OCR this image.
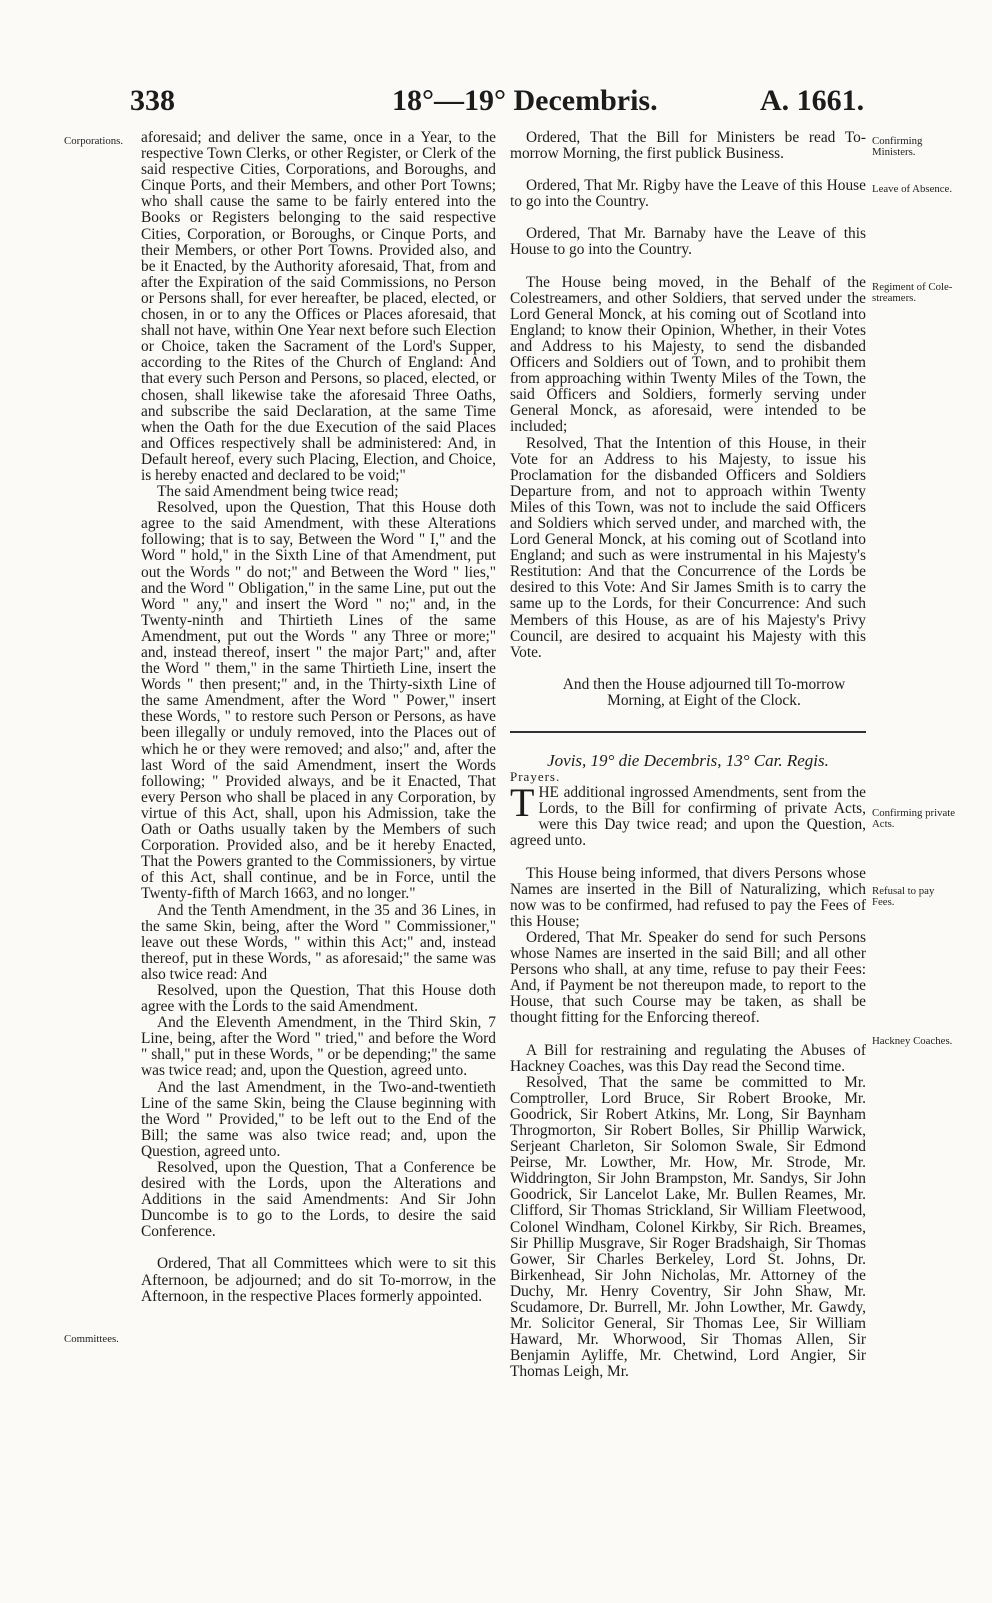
338	18°—19° Decembris.	A. 1661.
Corporations.
Committees.
Confirming Ministers.
Leave of Absence.
Regiment of Cole-streamers.
Confirming private Acts.
Refusal to pay Fees.
Hackney Coaches.

aforesaid; and deliver the same, once in a Year, to the respective Town Clerks, or other Register, or Clerk of the said respective Cities, Corporations, and Boroughs, and Cinque Ports, and their Members, and other Port Towns; who shall cause the same to be fairly entered into the Books or Registers belonging to the said respective Cities, Corporation, or Boroughs, or Cinque Ports, and their Members, or other Port Towns. Provided also, and be it Enacted, by the Authority aforesaid, That, from and after the Expiration of the said Commissions, no Person or Persons shall, for ever hereafter, be placed, elected, or chosen, in or to any the Offices or Places aforesaid, that shall not have, within One Year next before such Election or Choice, taken the Sacrament of the Lord's Supper, according to the Rites of the Church of England: And that every such Person and Persons, so placed, elected, or chosen, shall likewise take the aforesaid Three Oaths, and subscribe the said Declaration, at the same Time when the Oath for the due Execution of the said Places and Offices respectively shall be administered: And, in Default hereof, every such Placing, Election, and Choice, is hereby enacted and declared to be void;"

The said Amendment being twice read;

Resolved, upon the Question, That this House doth agree to the said Amendment, with these Alterations following; that is to say, Between the Word " I," and the Word " hold," in the Sixth Line of that Amendment, put out the Words " do not;" and Between the Word " lies," and the Word " Obligation," in the same Line, put out the Word " any," and insert the Word " no;" and, in the Twenty-ninth and Thirtieth Lines of the same Amendment, put out the Words " any Three or more;" and, instead thereof, insert " the major Part;" and, after the Word " them," in the same Thirtieth Line, insert the Words " then present;" and, in the Thirty-sixth Line of the same Amendment, after the Word " Power," insert these Words, " to restore such Person or Persons, as have been illegally or unduly removed, into the Places out of which he or they were removed; and also;" and, after the last Word of the said Amendment, insert the Words following; " Provided always, and be it Enacted, That every Person who shall be placed in any Corporation, by virtue of this Act, shall, upon his Admission, take the Oath or Oaths usually taken by the Members of such Corporation. Provided also, and be it hereby Enacted, That the Powers granted to the Commissioners, by virtue of this Act, shall continue, and be in Force, until the Twenty-fifth of March 1663, and no longer."

And the Tenth Amendment, in the 35 and 36 Lines, in the same Skin, being, after the Word " Commissioner," leave out these Words, " within this Act;" and, instead thereof, put in these Words, " as aforesaid;" the same was also twice read: And

Resolved, upon the Question, That this House doth agree with the Lords to the said Amendment.

And the Eleventh Amendment, in the Third Skin, 7 Line, being, after the Word " tried," and before the Word " shall," put in these Words, " or be depending;" the same was twice read; and, upon the Question, agreed unto.

And the last Amendment, in the Two-and-twentieth Line of the same Skin, being the Clause beginning with the Word " Provided," to be left out to the End of the Bill; the same was also twice read; and, upon the Question, agreed unto.

Resolved, upon the Question, That a Conference be desired with the Lords, upon the Alterations and Additions in the said Amendments: And Sir John Duncombe is to go to the Lords, to desire the said Conference.

Ordered, That all Committees which were to sit this Afternoon, be adjourned; and do sit To-morrow, in the Afternoon, in the respective Places formerly appointed.

Ordered, That the Bill for Ministers be read To-morrow Morning, the first publick Business.

Ordered, That Mr. Rigby have the Leave of this House to go into the Country.

Ordered, That Mr. Barnaby have the Leave of this House to go into the Country.

The House being moved, in the Behalf of the Colestreamers, and other Soldiers, that served under the Lord General Monck, at his coming out of Scotland into England; to know their Opinion, Whether, in their Votes and Address to his Majesty, to send the disbanded Officers and Soldiers out of Town, and to prohibit them from approaching within Twenty Miles of the Town, the said Officers and Soldiers, formerly serving under General Monck, as aforesaid, were intended to be included;

Resolved, That the Intention of this House, in their Vote for an Address to his Majesty, to issue his Proclamation for the disbanded Officers and Soldiers Departure from, and not to approach within Twenty Miles of this Town, was not to include the said Officers and Soldiers which served under, and marched with, the Lord General Monck, at his coming out of Scotland into England; and such as were instrumental in his Majesty's Restitution: And that the Concurrence of the Lords be desired to this Vote: And Sir James Smith is to carry the same up to the Lords, for their Concurrence: And such Members of this House, as are of his Majesty's Privy Council, are desired to acquaint his Majesty with this Vote.

And then the House adjourned till To-morrow Morning, at Eight of the Clock.

Jovis, 19° die Decembris, 13° Car. Regis.

Prayers.

THE additional ingrossed Amendments, sent from the Lords, to the Bill for confirming of private Acts, were this Day twice read; and upon the Question, agreed unto.

This House being informed, that divers Persons whose Names are inserted in the Bill of Naturalizing, which now was to be confirmed, had refused to pay the Fees of this House;

Ordered, That Mr. Speaker do send for such Persons whose Names are inserted in the said Bill; and all other Persons who shall, at any time, refuse to pay their Fees: And, if Payment be not thereupon made, to report to the House, that such Course may be taken, as shall be thought fitting for the Enforcing thereof.

A Bill for restraining and regulating the Abuses of Hackney Coaches, was this Day read the Second time.

Resolved, That the same be committed to Mr. Comptroller, Lord Bruce, Sir Robert Brooke, Mr. Goodrick, Sir Robert Atkins, Mr. Long, Sir Baynham Throgmorton, Sir Robert Bolles, Sir Phillip Warwick, Serjeant Charleton, Sir Solomon Swale, Sir Edmond Peirse, Mr. Lowther, Mr. How, Mr. Strode, Mr. Widdrington, Sir John Brampston, Mr. Sandys, Sir John Goodrick, Sir Lancelot Lake, Mr. Bullen Reames, Mr. Clifford, Sir Thomas Strickland, Sir William Fleetwood, Colonel Windham, Colonel Kirkby, Sir Rich. Breames, Sir Phillip Musgrave, Sir Roger Bradshaigh, Sir Thomas Gower, Sir Charles Berkeley, Lord St. Johns, Dr. Birkenhead, Sir John Nicholas, Mr. Attorney of the Duchy, Mr. Henry Coventry, Sir John Shaw, Mr. Scudamore, Dr. Burrell, Mr. John Lowther, Mr. Gawdy, Mr. Solicitor General, Sir Thomas Lee, Sir William Haward, Mr. Whorwood, Sir Thomas Allen, Sir Benjamin Ayliffe, Mr. Chetwind, Lord Angier, Sir Thomas Leigh, Mr.
